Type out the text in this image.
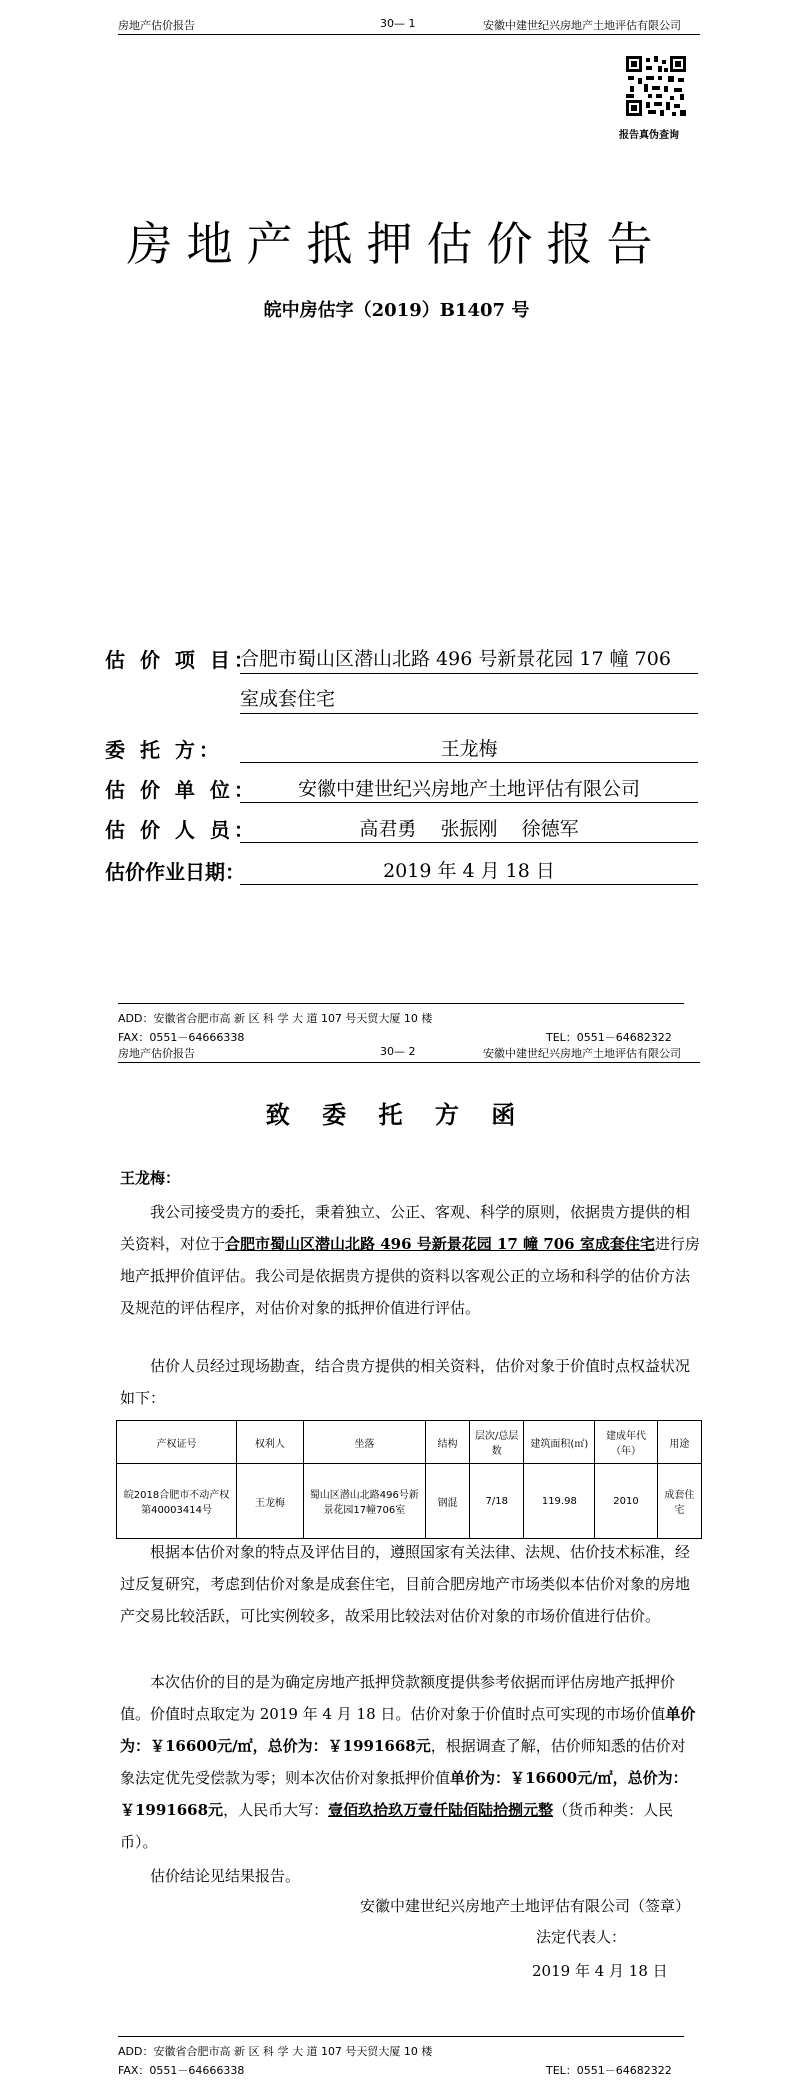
房地产估价报告	30— 1	安徽中建世纪兴房地产土地评估有限公司
报告真伪查询
房地产抵押估价报告
皖中房估字（2019）B1407 号
估 价 项 目：
合肥市蜀山区潜山北路 496 号新景花园 17 幢 706
室成套住宅
委 托 方：	王龙梅
估 价 单 位：	安徽中建世纪兴房地产土地评估有限公司
估 价 人 员：	高君勇    张振刚    徐德军
估价作业日期：	2019 年 4 月 18 日
ADD：安徽省合肥市高 新 区 科 学 大 道 107 号天贸大厦 10 楼
FAX：0551－64666338	TEL：0551－64682322
房地产估价报告	30— 2	安徽中建世纪兴房地产土地评估有限公司
致 委 托 方 函
王龙梅：
我公司接受贵方的委托，秉着独立、公正、客观、科学的原则，依据贵方提供的相关资料，对位于合肥市蜀山区潜山北路 496 号新景花园 17 幢 706 室成套住宅进行房地产抵押价值评估。我公司是依据贵方提供的资料以客观公正的立场和科学的估价方法及规范的评估程序，对估价对象的抵押价值进行评估。
估价人员经过现场勘查，结合贵方提供的相关资料，估价对象于价值时点权益状况如下：
产权证号	权利人	坐落	结构	层次/总层数	建筑面积(㎡)	建成年代（年）	用途
皖2018合肥市不动产权第40003414号	王龙梅	蜀山区潜山北路496号新景花园17幢706室	钢混	7/18	119.98	2010	成套住宅
根据本估价对象的特点及评估目的，遵照国家有关法律、法规、估价技术标准，经过反复研究，考虑到估价对象是成套住宅，目前合肥房地产市场类似本估价对象的房地产交易比较活跃，可比实例较多，故采用比较法对估价对象的市场价值进行估价。
本次估价的目的是为确定房地产抵押贷款额度提供参考依据而评估房地产抵押价值。价值时点取定为 2019 年 4 月 18 日。估价对象于价值时点可实现的市场价值单价为：￥16600元/㎡，总价为：￥1991668元，根据调查了解，估价师知悉的估价对象法定优先受偿款为零；则本次估价对象抵押价值单价为：￥16600元/㎡，总价为：￥1991668元，人民币大写：壹佰玖拾玖万壹仟陆佰陆拾捌元整（货币种类：人民币）。
估价结论见结果报告。
安徽中建世纪兴房地产土地评估有限公司（签章）
法定代表人：
2019 年 4 月 18 日
ADD：安徽省合肥市高 新 区 科 学 大 道 107 号天贸大厦 10 楼
FAX：0551－64666338	TEL：0551－64682322
